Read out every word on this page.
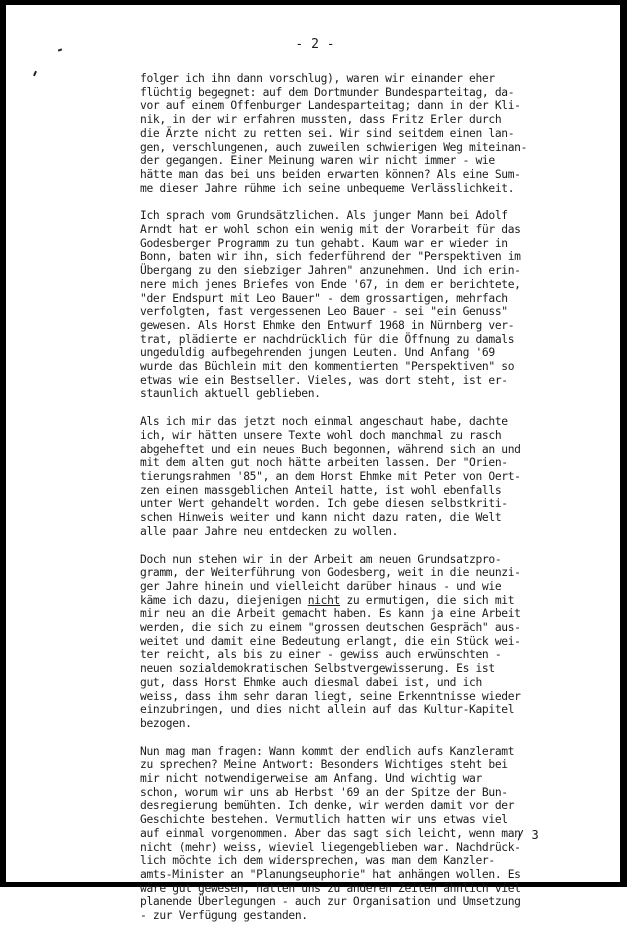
- 2 -

folger ich ihn dann vorschlug), waren wir einander eher
flüchtig begegnet: auf dem Dortmunder Bundesparteitag, da-
vor auf einem Offenburger Landesparteitag; dann in der Kli-
nik, in der wir erfahren mussten, dass Fritz Erler durch
die Ärzte nicht zu retten sei. Wir sind seitdem einen lan-
gen, verschlungenen, auch zuweilen schwierigen Weg miteinan-
der gegangen. Einer Meinung waren wir nicht immer - wie
hätte man das bei uns beiden erwarten können? Als eine Sum-
me dieser Jahre rühme ich seine unbequeme Verlässlichkeit.

Ich sprach vom Grundsätzlichen. Als junger Mann bei Adolf
Arndt hat er wohl schon ein wenig mit der Vorarbeit für das
Godesberger Programm zu tun gehabt. Kaum war er wieder in
Bonn, baten wir ihn, sich federführend der "Perspektiven im
Übergang zu den siebziger Jahren" anzunehmen. Und ich erin-
nere mich jenes Briefes von Ende '67, in dem er berichtete,
"der Endspurt mit Leo Bauer" - dem grossartigen, mehrfach
verfolgten, fast vergessenen Leo Bauer - sei "ein Genuss"
gewesen. Als Horst Ehmke den Entwurf 1968 in Nürnberg ver-
trat, plädierte er nachdrücklich für die Öffnung zu damals
ungeduldig aufbegehrenden jungen Leuten. Und Anfang '69
wurde das Büchlein mit den kommentierten "Perspektiven" so
etwas wie ein Bestseller. Vieles, was dort steht, ist er-
staunlich aktuell geblieben.

Als ich mir das jetzt noch einmal angeschaut habe, dachte
ich, wir hätten unsere Texte wohl doch manchmal zu rasch
abgeheftet und ein neues Buch begonnen, während sich an und
mit dem alten gut noch hätte arbeiten lassen. Der "Orien-
tierungsrahmen '85", an dem Horst Ehmke mit Peter von Oert-
zen einen massgeblichen Anteil hatte, ist wohl ebenfalls
unter Wert gehandelt worden. Ich gebe diesen selbstkriti-
schen Hinweis weiter und kann nicht dazu raten, die Welt
alle paar Jahre neu entdecken zu wollen.

Doch nun stehen wir in der Arbeit am neuen Grundsatzpro-
gramm, der Weiterführung von Godesberg, weit in die neunzi-
ger Jahre hinein und vielleicht darüber hinaus - und wie
käme ich dazu, diejenigen nicht zu ermutigen, die sich mit
mir neu an die Arbeit gemacht haben. Es kann ja eine Arbeit
werden, die sich zu einem "grossen deutschen Gespräch" aus-
weitet und damit eine Bedeutung erlangt, die ein Stück wei-
ter reicht, als bis zu einer - gewiss auch erwünschten -
neuen sozialdemokratischen Selbstvergewisserung. Es ist
gut, dass Horst Ehmke auch diesmal dabei ist, und ich
weiss, dass ihm sehr daran liegt, seine Erkenntnisse wieder
einzubringen, und dies nicht allein auf das Kultur-Kapitel
bezogen.

Nun mag man fragen: Wann kommt der endlich aufs Kanzleramt
zu sprechen? Meine Antwort: Besonders Wichtiges steht bei
mir nicht notwendigerweise am Anfang. Und wichtig war
schon, worum wir uns ab Herbst '69 an der Spitze der Bun-
desregierung bemühten. Ich denke, wir werden damit vor der
Geschichte bestehen. Vermutlich hatten wir uns etwas viel
auf einmal vorgenommen. Aber das sagt sich leicht, wenn man
nicht (mehr) weiss, wieviel liegengeblieben war. Nachdrück-
lich möchte ich dem widersprechen, was man dem Kanzler-
amts-Minister an "Planungseuphorie" hat anhängen wollen. Es
wäre gut gewesen, hätten uns zu anderen Zeiten ähnlich viel
planende Überlegungen - auch zur Organisation und Umsetzung
- zur Verfügung gestanden.

/ 3
